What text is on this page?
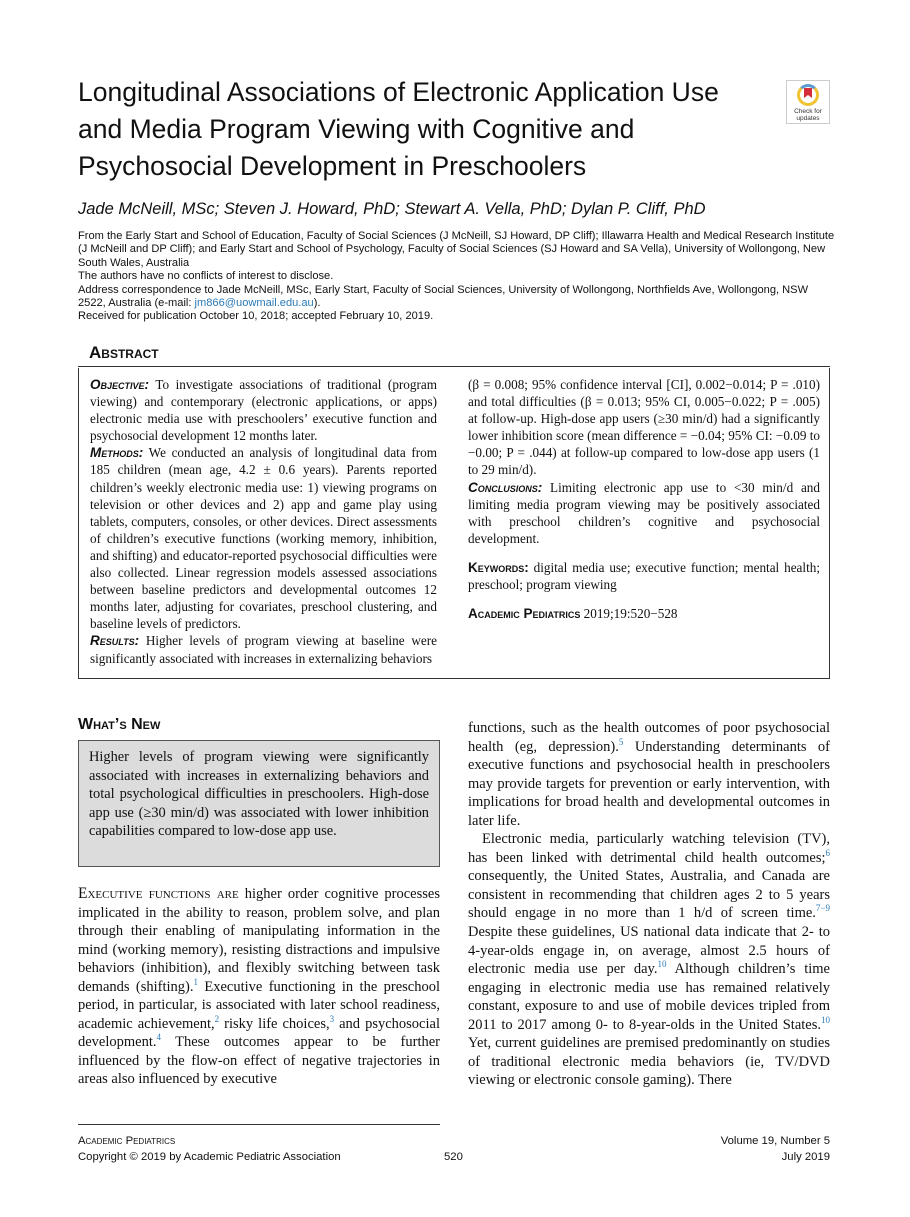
Longitudinal Associations of Electronic Application Use and Media Program Viewing with Cognitive and Psychosocial Development in Preschoolers
Check for
updates
Jade McNeill, MSc; Steven J. Howard, PhD; Stewart A. Vella, PhD; Dylan P. Cliff, PhD
From the Early Start and School of Education, Faculty of Social Sciences (J McNeill, SJ Howard, DP Cliff); Illawarra Health and Medical Research Institute (J McNeill and DP Cliff); and Early Start and School of Psychology, Faculty of Social Sciences (SJ Howard and SA Vella), University of Wollongong, New South Wales, Australia
The authors have no conflicts of interest to disclose.
Address correspondence to Jade McNeill, MSc, Early Start, Faculty of Social Sciences, University of Wollongong, Northfields Ave, Wollongong, NSW 2522, Australia (e-mail: jm866@uowmail.edu.au).
Received for publication October 10, 2018; accepted February 10, 2019.
Abstract
Objective: To investigate associations of traditional (program viewing) and contemporary (electronic applications, or apps) electronic media use with preschoolers’ executive function and psychosocial development 12 months later.
Methods: We conducted an analysis of longitudinal data from 185 children (mean age, 4.2 ± 0.6 years). Parents reported children’s weekly electronic media use: 1) viewing programs on television or other devices and 2) app and game play using tablets, computers, consoles, or other devices. Direct assessments of children’s executive functions (working memory, inhibition, and shifting) and educator-reported psychosocial difficulties were also collected. Linear regression models assessed associations between baseline predictors and developmental outcomes 12 months later, adjusting for covariates, preschool clustering, and baseline levels of predictors.
Results: Higher levels of program viewing at baseline were significantly associated with increases in externalizing behaviors
(β = 0.008; 95% confidence interval [CI], 0.002−0.014; P = .010) and total difficulties (β = 0.013; 95% CI, 0.005−0.022; P = .005) at follow-up. High-dose app users (≥30 min/d) had a significantly lower inhibition score (mean difference = −0.04; 95% CI: −0.09 to −0.00; P = .044) at follow-up compared to low-dose app users (1 to 29 min/d).
Conclusions: Limiting electronic app use to <30 min/d and limiting media program viewing may be positively associated with preschool children’s cognitive and psychosocial development.
Keywords: digital media use; executive function; mental health; preschool; program viewing
Academic Pediatrics 2019;19:520−528
What’s New
Higher levels of program viewing were significantly associated with increases in externalizing behaviors and total psychological difficulties in preschoolers. High-dose app use (≥30 min/d) was associated with lower inhibition capabilities compared to low-dose app use.

Executive functions are higher order cognitive processes implicated in the ability to reason, problem solve, and plan through their enabling of manipulating information in the mind (working memory), resisting distractions and impulsive behaviors (inhibition), and flexibly switching between task demands (shifting).$^1$ Executive functioning in the preschool period, in particular, is associated with later school readiness, academic achievement,$^2$ risky life choices,$^3$ and psychosocial development.$^4$ These outcomes appear to be further influenced by the flow-on effect of negative trajectories in areas also influenced by executive

functions, such as the health outcomes of poor psychosocial health (eg, depression).$^5$ Understanding determinants of executive functions and psychosocial health in preschoolers may provide targets for prevention or early intervention, with implications for broad health and developmental outcomes in later life.

Electronic media, particularly watching television (TV), has been linked with detrimental child health outcomes;$^6$ consequently, the United States, Australia, and Canada are consistent in recommending that children ages 2 to 5 years should engage in no more than 1 h/d of screen time.$^{7-9}$ Despite these guidelines, US national data indicate that 2- to 4-year-olds engage in, on average, almost 2.5 hours of electronic media use per day.$^{10}$ Although children’s time engaging in electronic media use has remained relatively constant, exposure to and use of mobile devices tripled from 2011 to 2017 among 0- to 8-year-olds in the United States.$^{10}$ Yet, current guidelines are premised predominantly on studies of traditional electronic media behaviors (ie, TV/DVD viewing or electronic console gaming). There

Academic Pediatrics
Copyright © 2019 by Academic Pediatric Association	520
Volume 19, Number 5
July 2019
